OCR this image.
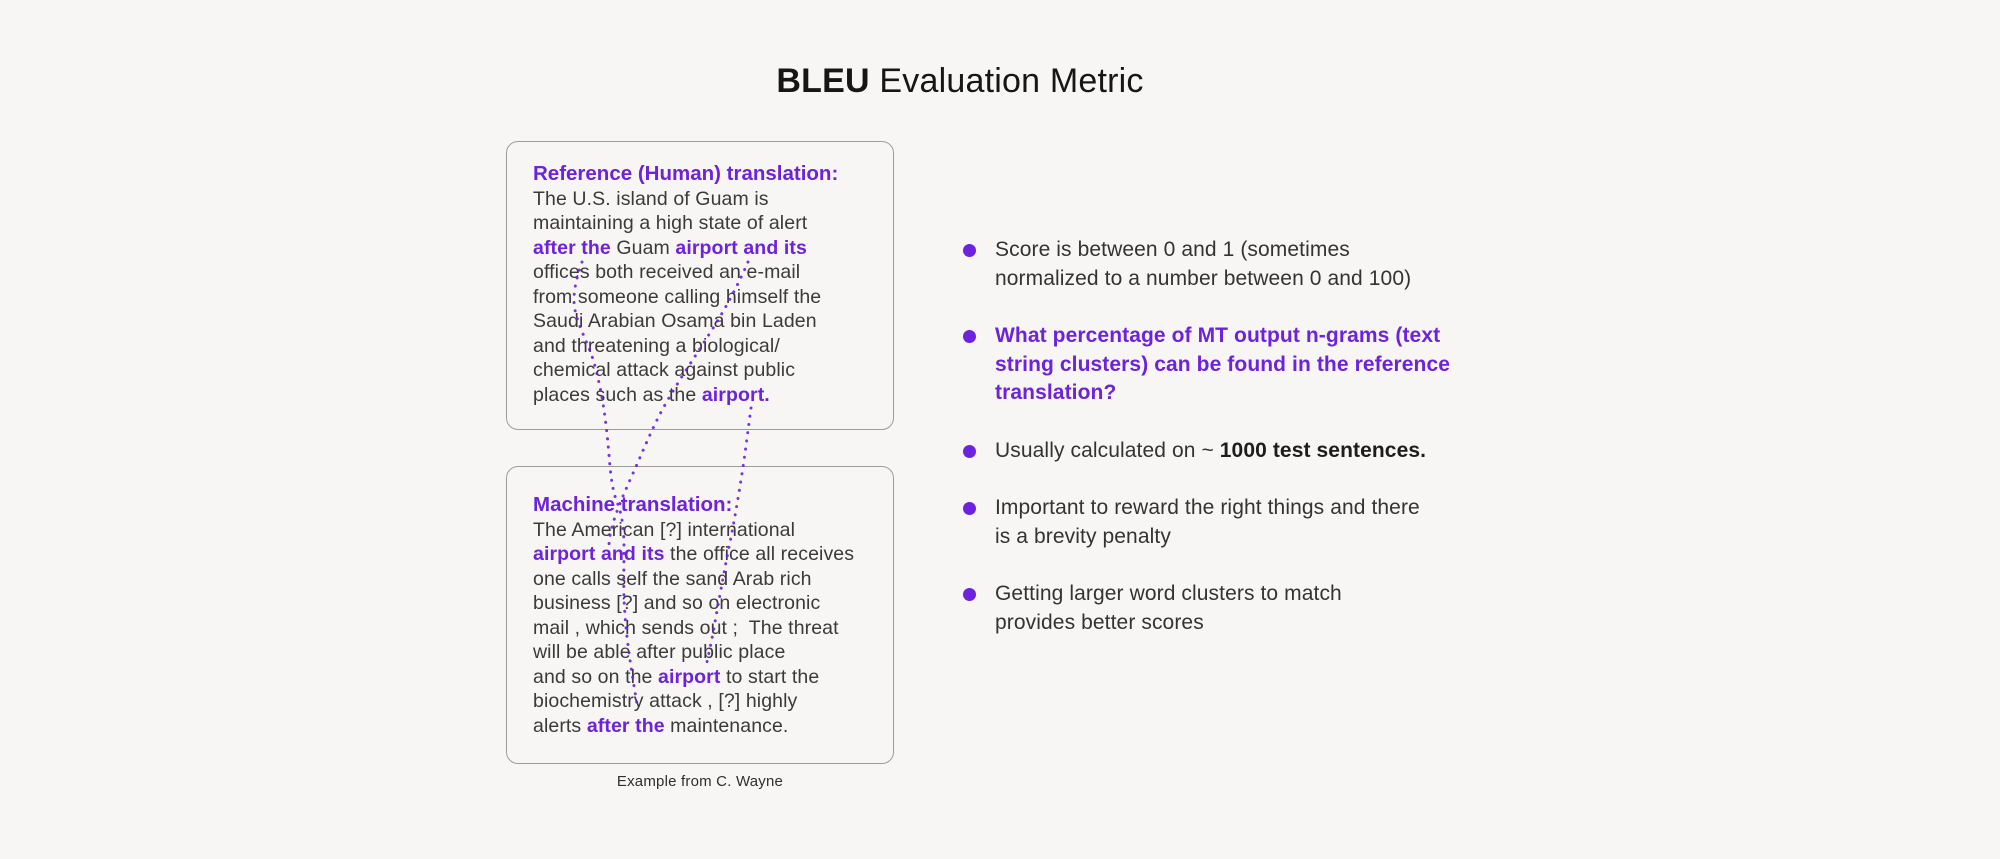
BLEU Evaluation Metric
Reference (Human) translation:
The U.S. island of Guam is
maintaining a high state of alert
after the Guam airport and its
offices both received an e-mail
from someone calling himself the
Saudi Arabian Osama bin Laden
and threatening a biological/
chemical attack against public
places such as the airport.
Machine translation:
The American [?] international
airport and its the office all receives
one calls self the sand Arab rich
business [?] and so on electronic
mail , which sends out ;  The threat
will be able after public place
and so on the airport to start the
biochemistry attack , [?] highly
alerts after the maintenance.
Example from C. Wayne
Score is between 0 and 1 (sometimes
normalized to a number between 0 and 100)
What percentage of MT output n-grams (text
string clusters) can be found in the reference
translation?
Usually calculated on ~ 1000 test sentences.
Important to reward the right things and there
is a brevity penalty
Getting larger word clusters to match
provides better scores
